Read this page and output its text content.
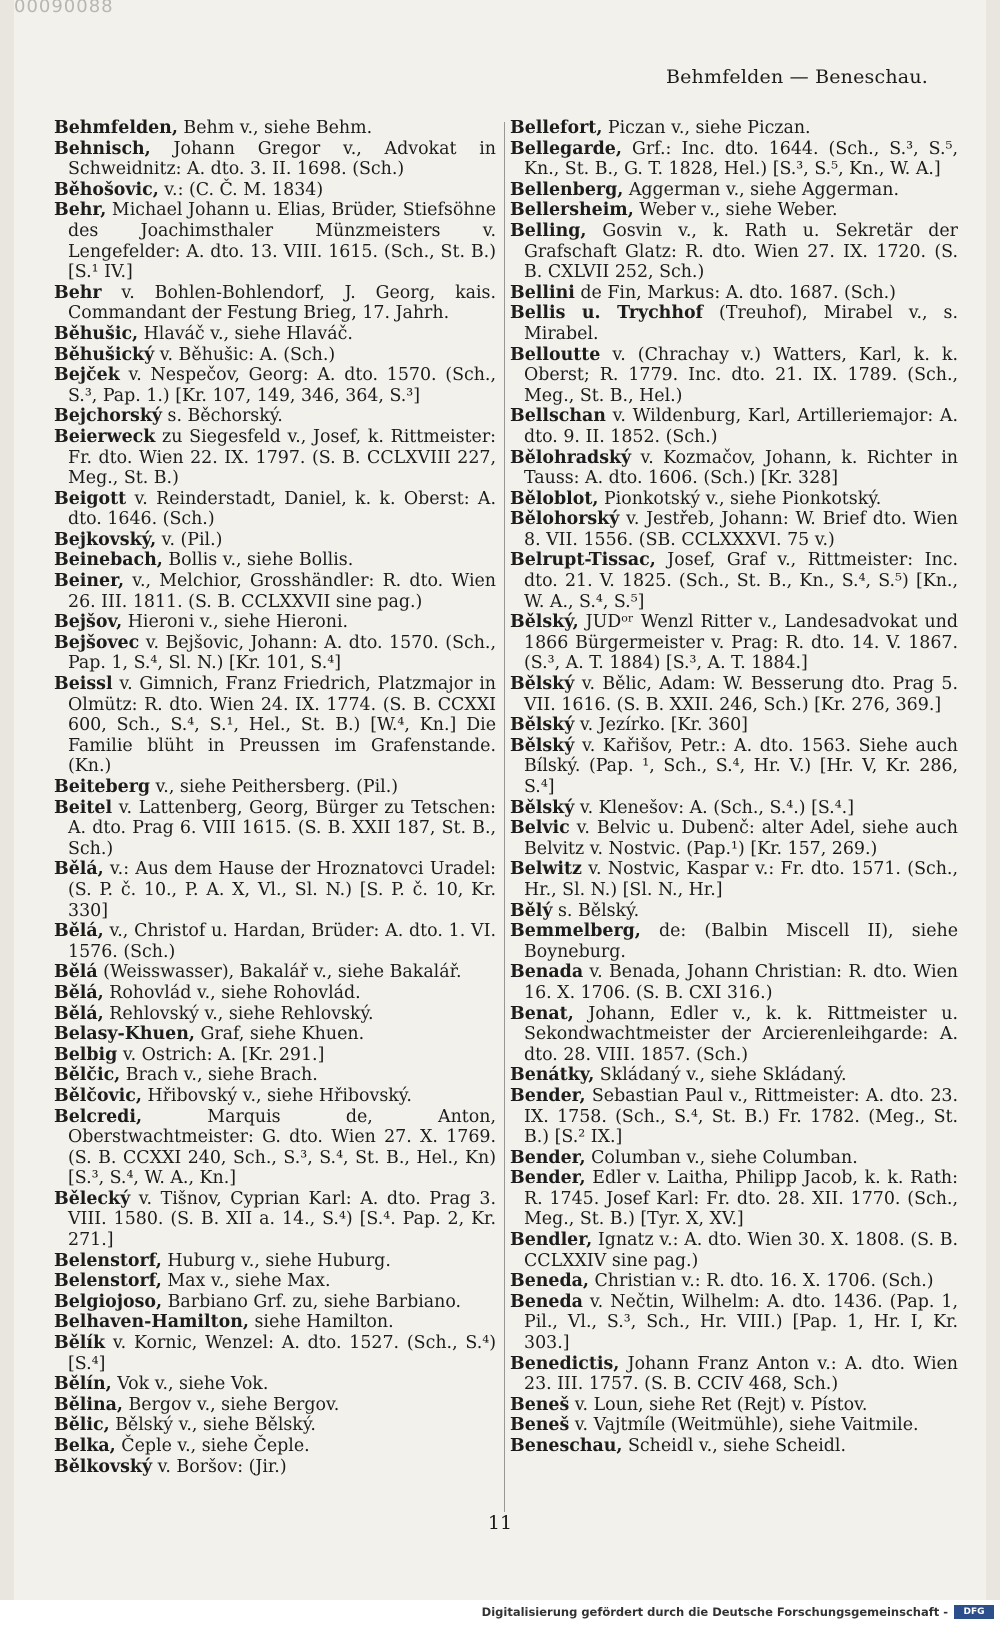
00090088
Behmfelden — Beneschau.

Behmfelden, Behm v., siehe Behm.

Behnisch, Johann Gregor v., Advokat in Schweidnitz: A. dto. 3. II. 1698. (Sch.)

Běhošovic, v.: (C. Č. M. 1834)

Behr, Michael Johann u. Elias, Brüder, Stiefsöhne des Joachimsthaler Münzmeisters v. Lengefelder: A. dto. 13. VIII. 1615. (Sch., St. B.) [S.¹ IV.]

Behr v. Bohlen-Bohlendorf, J. Georg, kais. Commandant der Festung Brieg, 17. Jahrh.

Běhušic, Hlaváč v., siehe Hlaváč.

Běhušický v. Běhušic: A. (Sch.)

Bejček v. Nespečov, Georg: A. dto. 1570. (Sch., S.³, Pap. 1.) [Kr. 107, 149, 346, 364, S.³]

Bejchorský s. Běchorský.

Beierweck zu Siegesfeld v., Josef, k. Rittmeister: Fr. dto. Wien 22. IX. 1797. (S. B. CCLXVIII 227, Meg., St. B.)

Beigott v. Reinderstadt, Daniel, k. k. Oberst: A. dto. 1646. (Sch.)

Bejkovský, v. (Pil.)

Beinebach, Bollis v., siehe Bollis.

Beiner, v., Melchior, Grosshändler: R. dto. Wien 26. III. 1811. (S. B. CCLXXVII sine pag.)

Bejšov, Hieroni v., siehe Hieroni.

Bejšovec v. Bejšovic, Johann: A. dto. 1570. (Sch., Pap. 1, S.⁴, Sl. N.) [Kr. 101, S.⁴]

Beissl v. Gimnich, Franz Friedrich, Platzmajor in Olmütz: R. dto. Wien 24. IX. 1774. (S. B. CCXXI 600, Sch., S.⁴, S.¹, Hel., St. B.) [W.⁴, Kn.] Die Familie blüht in Preussen im Grafenstande. (Kn.)

Beiteberg v., siehe Peithersberg. (Pil.)

Beitel v. Lattenberg, Georg, Bürger zu Tetschen: A. dto. Prag 6. VIII 1615. (S. B. XXII 187, St. B., Sch.)

Bělá, v.: Aus dem Hause der Hroznatovci Uradel: (S. P. č. 10., P. A. X, Vl., Sl. N.) [S. P. č. 10, Kr. 330]

Bělá, v., Christof u. Hardan, Brüder: A. dto. 1. VI. 1576. (Sch.)

Bělá (Weisswasser), Bakalář v., siehe Bakalář.

Bělá, Rohovlád v., siehe Rohovlád.

Bělá, Rehlovský v., siehe Rehlovský.

Belasy-Khuen, Graf, siehe Khuen.

Belbig v. Ostrich: A. [Kr. 291.]

Bělčic, Brach v., siehe Brach.

Bělčovic, Hřibovský v., siehe Hřibovský.

Belcredi, Marquis de, Anton, Oberstwachtmeister: G. dto. Wien 27. X. 1769. (S. B. CCXXI 240, Sch., S.³, S.⁴, St. B., Hel., Kn) [S.³, S.⁴, W. A., Kn.]

Bělecký v. Tišnov, Cyprian Karl: A. dto. Prag 3. VIII. 1580. (S. B. XII a. 14., S.⁴) [S.⁴. Pap. 2, Kr. 271.]

Belenstorf, Huburg v., siehe Huburg.

Belenstorf, Max v., siehe Max.

Belgiojoso, Barbiano Grf. zu, siehe Barbiano.

Belhaven-Hamilton, siehe Hamilton.

Bělík v. Kornic, Wenzel: A. dto. 1527. (Sch., S.⁴) [S.⁴]

Bělín, Vok v., siehe Vok.

Bělina, Bergov v., siehe Bergov.

Bělic, Bělský v., siehe Bělský.

Belka, Čeple v., siehe Čeple.

Bělkovský v. Boršov: (Jir.)

Bellefort, Piczan v., siehe Piczan.

Bellegarde, Grf.: Inc. dto. 1644. (Sch., S.³, S.⁵, Kn., St. B., G. T. 1828, Hel.) [S.³, S.⁵, Kn., W. A.]

Bellenberg, Aggerman v., siehe Aggerman.

Bellersheim, Weber v., siehe Weber.

Belling, Gosvin v., k. Rath u. Sekretär der Grafschaft Glatz: R. dto. Wien 27. IX. 1720. (S. B. CXLVII 252, Sch.)

Bellini de Fin, Markus: A. dto. 1687. (Sch.)

Bellis u. Trychhof (Treuhof), Mirabel v., s. Mirabel.

Belloutte v. (Chrachay v.) Watters, Karl, k. k. Oberst; R. 1779. Inc. dto. 21. IX. 1789. (Sch., Meg., St. B., Hel.)

Bellschan v. Wildenburg, Karl, Artilleriemajor: A. dto. 9. II. 1852. (Sch.)

Bělohradský v. Kozmačov, Johann, k. Richter in Tauss: A. dto. 1606. (Sch.) [Kr. 328]

Běloblot, Pionkotský v., siehe Pionkotský.

Bělohorský v. Jestřeb, Johann: W. Brief dto. Wien 8. VII. 1556. (SB. CCLXXXVI. 75 v.)

Belrupt-Tissac, Josef, Graf v., Rittmeister: Inc. dto. 21. V. 1825. (Sch., St. B., Kn., S.⁴, S.⁵) [Kn., W. A., S.⁴, S.⁵]

Bělský, JUDᵒʳ Wenzl Ritter v., Landesadvokat und 1866 Bürgermeister v. Prag: R. dto. 14. V. 1867. (S.³, A. T. 1884) [S.³, A. T. 1884.]

Bělský v. Bělic, Adam: W. Besserung dto. Prag 5. VII. 1616. (S. B. XXII. 246, Sch.) [Kr. 276, 369.]

Bělský v. Jezírko. [Kr. 360]

Bělský v. Kařišov, Petr.: A. dto. 1563. Siehe auch Bílský. (Pap. ¹, Sch., S.⁴, Hr. V.) [Hr. V, Kr. 286, S.⁴]

Bělský v. Klenešov: A. (Sch., S.⁴.) [S.⁴.]

Belvic v. Belvic u. Dubenč: alter Adel, siehe auch Belvitz v. Nostvic. (Pap.¹) [Kr. 157, 269.)

Belwitz v. Nostvic, Kaspar v.: Fr. dto. 1571. (Sch., Hr., Sl. N.) [Sl. N., Hr.]

Bělý s. Bělský.

Bemmelberg, de: (Balbin Miscell II), siehe Boyneburg.

Benada v. Benada, Johann Christian: R. dto. Wien 16. X. 1706. (S. B. CXI 316.)

Benat, Johann, Edler v., k. k. Rittmeister u. Sekondwachtmeister der Arcierenleihgarde: A. dto. 28. VIII. 1857. (Sch.)

Benátky, Skládaný v., siehe Skládaný.

Bender, Sebastian Paul v., Rittmeister: A. dto. 23. IX. 1758. (Sch., S.⁴, St. B.) Fr. 1782. (Meg., St. B.) [S.² IX.]

Bender, Columban v., siehe Columban.

Bender, Edler v. Laitha, Philipp Jacob, k. k. Rath: R. 1745. Josef Karl: Fr. dto. 28. XII. 1770. (Sch., Meg., St. B.) [Tyr. X, XV.]

Bendler, Ignatz v.: A. dto. Wien 30. X. 1808. (S. B. CCLXXIV sine pag.)

Beneda, Christian v.: R. dto. 16. X. 1706. (Sch.)

Beneda v. Nečtin, Wilhelm: A. dto. 1436. (Pap. 1, Pil., Vl., S.³, Sch., Hr. VIII.) [Pap. 1, Hr. I, Kr. 303.]

Benedictis, Johann Franz Anton v.: A. dto. Wien 23. III. 1757. (S. B. CCIV 468, Sch.)

Beneš v. Loun, siehe Ret (Rejt) v. Pístov.

Beneš v. Vajtmíle (Weitmühle), siehe Vaitmile.

Beneschau, Scheidl v., siehe Scheidl.

11
Digitalisierung gefördert durch die Deutsche Forschungsgemeinschaft -	DFG
